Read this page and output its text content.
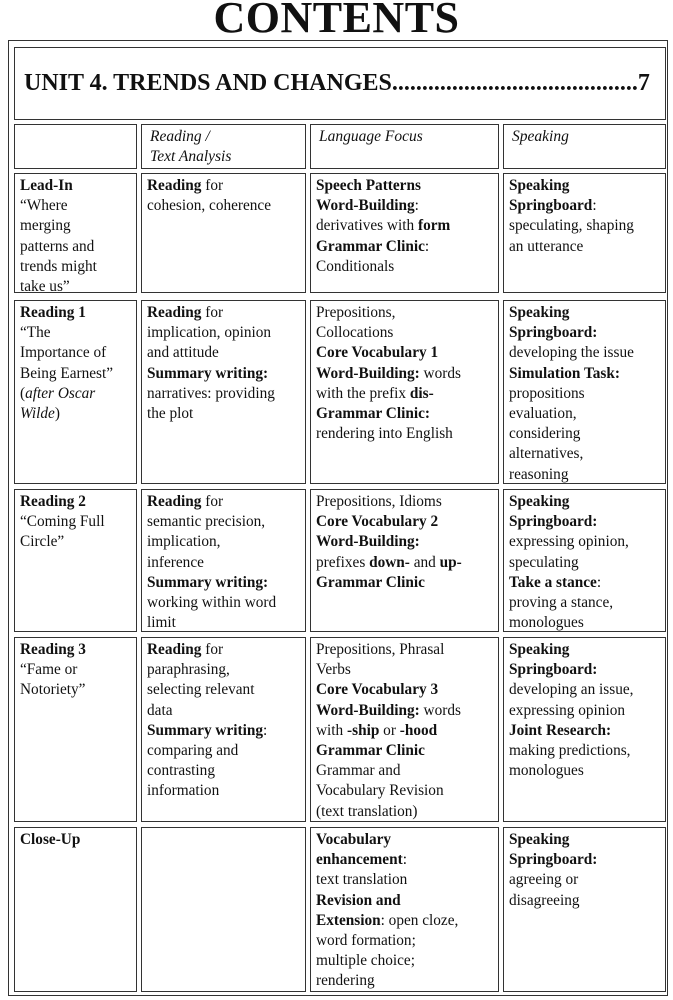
CONTENTS
UNIT 4. TRENDS AND CHANGES.........................................7
Reading /
Text Analysis
Language Focus	Speaking
Lead-In
“Where
merging
patterns and
trends might
take us”
Reading for
cohesion, coherence
Speech Patterns
Word-Building:
derivatives with form
Grammar Clinic:
Conditionals
Speaking
Springboard:
speculating, shaping
an utterance
Reading 1
“The
Importance of
Being Earnest”
(after Oscar
Wilde)
Reading for
implication, opinion
and attitude
Summary writing:
narratives: providing
the plot
Prepositions,
Collocations
Core Vocabulary 1
Word-Building: words
with the prefix dis-
Grammar Clinic:
rendering into English
Speaking
Springboard:
developing the issue
Simulation Task:
propositions
evaluation,
considering
alternatives,
reasoning
Reading 2
“Coming Full
Circle”
Reading for
semantic precision,
implication,
inference
Summary writing:
working within word
limit
Prepositions, Idioms
Core Vocabulary 2
Word-Building:
prefixes down- and up-
Grammar Clinic
Speaking
Springboard:
expressing opinion,
speculating
Take a stance:
proving a stance,
monologues
Reading 3
“Fame or
Notoriety”
Reading for
paraphrasing,
selecting relevant
data
Summary writing:
comparing and
contrasting
information
Prepositions, Phrasal
Verbs
Core Vocabulary 3
Word-Building: words
with -ship or -hood
Grammar Clinic
Grammar and
Vocabulary Revision
(text translation)
Speaking
Springboard:
developing an issue,
expressing opinion
Joint Research:
making predictions,
monologues
Close-Up	Vocabulary
enhancement:
text translation
Revision and
Extension: open cloze,
word formation;
multiple choice;
rendering
Speaking
Springboard:
agreeing or
disagreeing
